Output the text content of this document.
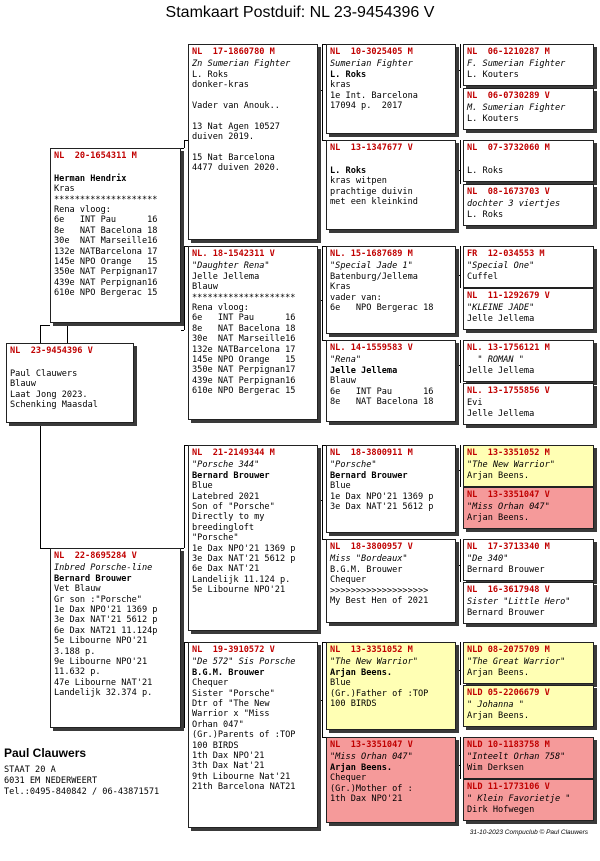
Stamkaart Postduif: NL 23-9454396 V
NL  23-9454396 V
Paul Clauwers
Blauw
Laat Jong 2023.
Schenking Maasdal
NL  20-1654311 M
Herman Hendrix
Kras
********************
Rena vloog:
6e   INT Pau      16
8e   NAT Bacelona 18
30e  NAT Marseille16
132e NATBarcelona 17
145e NPO Orange   15
350e NAT Perpignan17
439e NAT Perpignan16
610e NPO Bergerac 15
NL  22-8695284 V
Inbred Porsche-line
Bernard Brouwer
Vet Blauw
Gr son :"Porsche"
1e Dax NPO'21 1369 p
3e Dax NAT'21 5612 p
6e Dax NAT21 11.124p
5e Libourne NPO'21
3.188 p.
9e Libourne NPO'21
11.632 p.
47e Libourne NAT'21
Landelijk 32.374 p.
NL  17-1860780 M
Zn Sumerian Fighter
L. Roks
donker-kras
Vader van Anouk..
13 Nat Agen 10527
duiven 2019.
15 Nat Barcelona
4477 duiven 2020.
NL. 18-1542311 V
"Daughter Rena"
Jelle Jellema
Blauw
********************
Rena vloog:
6e   INT Pau      16
8e   NAT Bacelona 18
30e  NAT Marseille16
132e NATBarcelona 17
145e NPO Orange   15
350e NAT Perpignan17
439e NAT Perpignan16
610e NPO Bergerac 15
NL  21-2149344 M
"Porsche 344"
Bernard Brouwer
Blue
Latebred 2021
Son of "Porsche"
Directly to my
breedingloft
"Porsche"
1e Dax NPO'21 1369 p
3e Dax NAT'21 5612 p
6e Dax NAT'21
Landelijk 11.124 p.
5e Libourne NPO'21
NL  19-3910572 V
"De 572" Sis Porsche
B.G.M. Brouwer
Chequer
Sister "Porsche"
Dtr of "The New
Warrior x "Miss
Orhan 047"
(Gr.)Parents of :TOP
100 BIRDS
1th Dax NPO'21
3th Dax Nat'21
9th Libourne Nat'21
21th Barcelona NAT21
NL  10-3025405 M
Sumerian Fighter
L. Roks
kras
1e Int. Barcelona
17094 p.  2017
NL  13-1347677 V
L. Roks
kras witpen
prachtige duivin
met een kleinkind
NL. 15-1687689 M
"Special Jade 1"
Batenburg/Jellema
Kras
vader van:
6e   NPO Bergerac 18
NL. 14-1559583 V
"Rena"
Jelle Jellema
Blauw
6e   INT Pau      16
8e   NAT Bacelona 18
NL  18-3800911 M
"Porsche"
Bernard Brouwer
Blue
1e Dax NPO'21 1369 p
3e Dax NAT'21 5612 p
NL  18-3800957 V
Miss "Bordeaux"
B.G.M. Brouwer
Chequer
>>>>>>>>>>>>>>>>>>>
My Best Hen of 2021
NL  13-3351052 M
"The New Warrior"
Arjan Beens.
Blue
(Gr.)Father of :TOP
100 BIRDS
NL  13-3351047 V
"Miss Orhan 047"
Arjan Beens.
Chequer
(Gr.)Mother of :
1th Dax NPO'21
NL  06-1210287 M
F. Sumerian Fighter
L. Kouters
NL  06-0730289 V
M. Sumerian Fighter
L. Kouters
NL  07-3732060 M
L. Roks
NL  08-1673703 V
dochter 3 viertjes
L. Roks
FR  12-034553 M
"Special One"
Cuffel
NL  11-1292679 V
"KLEINE JADE"
Jelle Jellema
NL. 13-1756121 M
" ROMAN "
Jelle Jellema
NL. 13-1755856 V
Evi
Jelle Jellema
NL  13-3351052 M
"The New Warrior"
Arjan Beens.
NL  13-3351047 V
"Miss Orhan 047"
Arjan Beens.
NL  17-3713340 M
"De 340"
Bernard Brouwer
NL  16-3617948 V
Sister "Little Hero"
Bernard Brouwer
NLD 08-2075709 M
"The Great Warrior"
Arjan Beens.
NLD 05-2206679 V
" Johanna "
Arjan Beens.
NLD 10-1183758 M
"Inteelt Orhan 758"
Wim Derksen
NLD 11-1773106 V
" Klein Favorietje "
Dirk Hofwegen
Paul Clauwers
STAAT 20 A
6031 EM NEDERWEERT
Tel.:0495-840842 / 06-43871571
31-10-2023 Compuclub © Paul Clauwers
